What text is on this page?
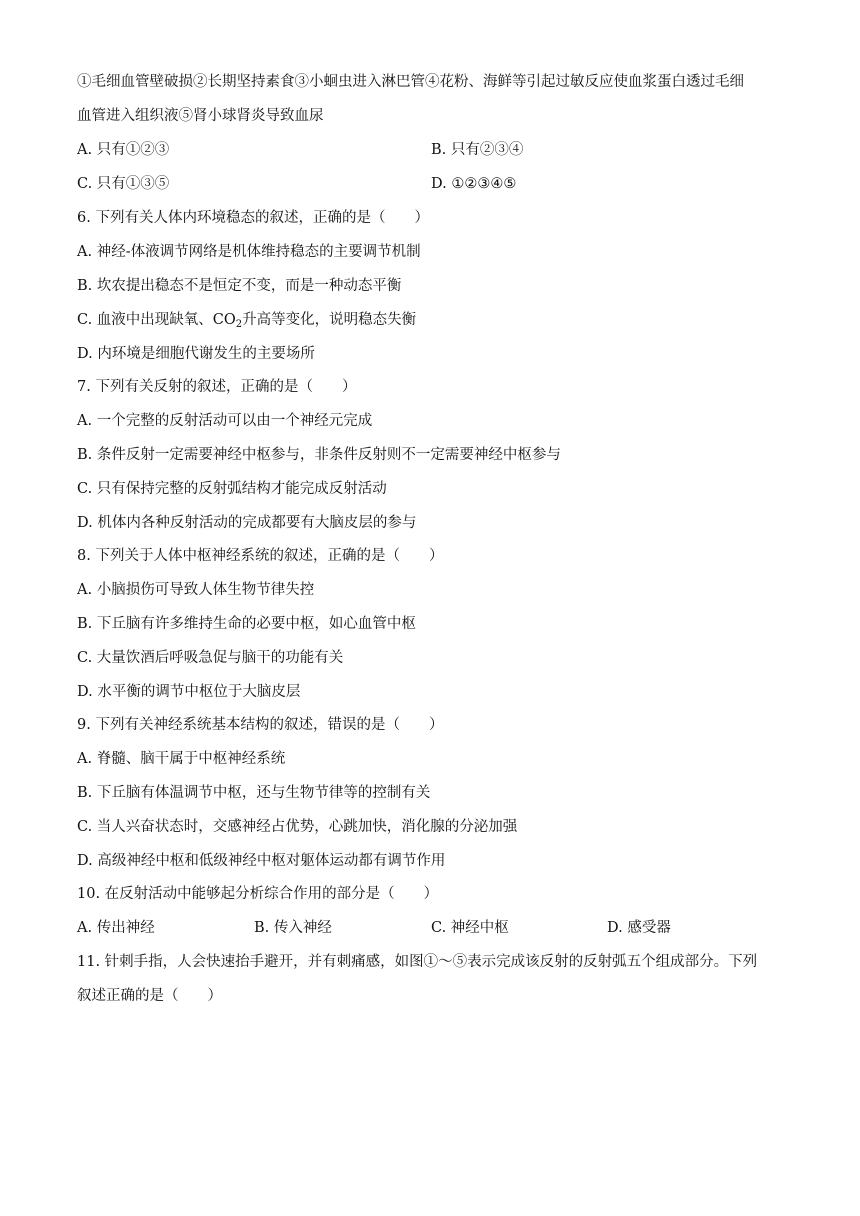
①毛细血管壁破损②长期坚持素食③小蛔虫进入淋巴管④花粉、海鲜等引起过敏反应使血浆蛋白透过毛细
血管进入组织液⑤肾小球肾炎导致血尿
A. 只有①②③	B. 只有②③④
C. 只有①③⑤	D. ①②③④⑤
6. 下列有关人体内环境稳态的叙述，正确的是（　　）
A. 神经-体液调节网络是机体维持稳态的主要调节机制
B. 坎农提出稳态不是恒定不变，而是一种动态平衡
C. 血液中出现缺氧、$CO_2$升高等变化，说明稳态失衡
D. 内环境是细胞代谢发生的主要场所
7. 下列有关反射的叙述，正确的是（　　）
A. 一个完整的反射活动可以由一个神经元完成
B. 条件反射一定需要神经中枢参与，非条件反射则不一定需要神经中枢参与
C. 只有保持完整的反射弧结构才能完成反射活动
D. 机体内各种反射活动的完成都要有大脑皮层的参与
8. 下列关于人体中枢神经系统的叙述，正确的是（　　）
A. 小脑损伤可导致人体生物节律失控
B. 下丘脑有许多维持生命的必要中枢，如心血管中枢
C. 大量饮酒后呼吸急促与脑干的功能有关
D. 水平衡的调节中枢位于大脑皮层
9. 下列有关神经系统基本结构的叙述，错误的是（　　）
A. 脊髓、脑干属于中枢神经系统
B. 下丘脑有体温调节中枢，还与生物节律等的控制有关
C. 当人兴奋状态时，交感神经占优势，心跳加快，消化腺的分泌加强
D. 高级神经中枢和低级神经中枢对躯体运动都有调节作用
10. 在反射活动中能够起分析综合作用的部分是（　　）
A. 传出神经	B. 传入神经	C. 神经中枢	D. 感受器
11. 针刺手指，人会快速抬手避开，并有刺痛感，如图①～⑤表示完成该反射的反射弧五个组成部分。下列
叙述正确的是（　　）
